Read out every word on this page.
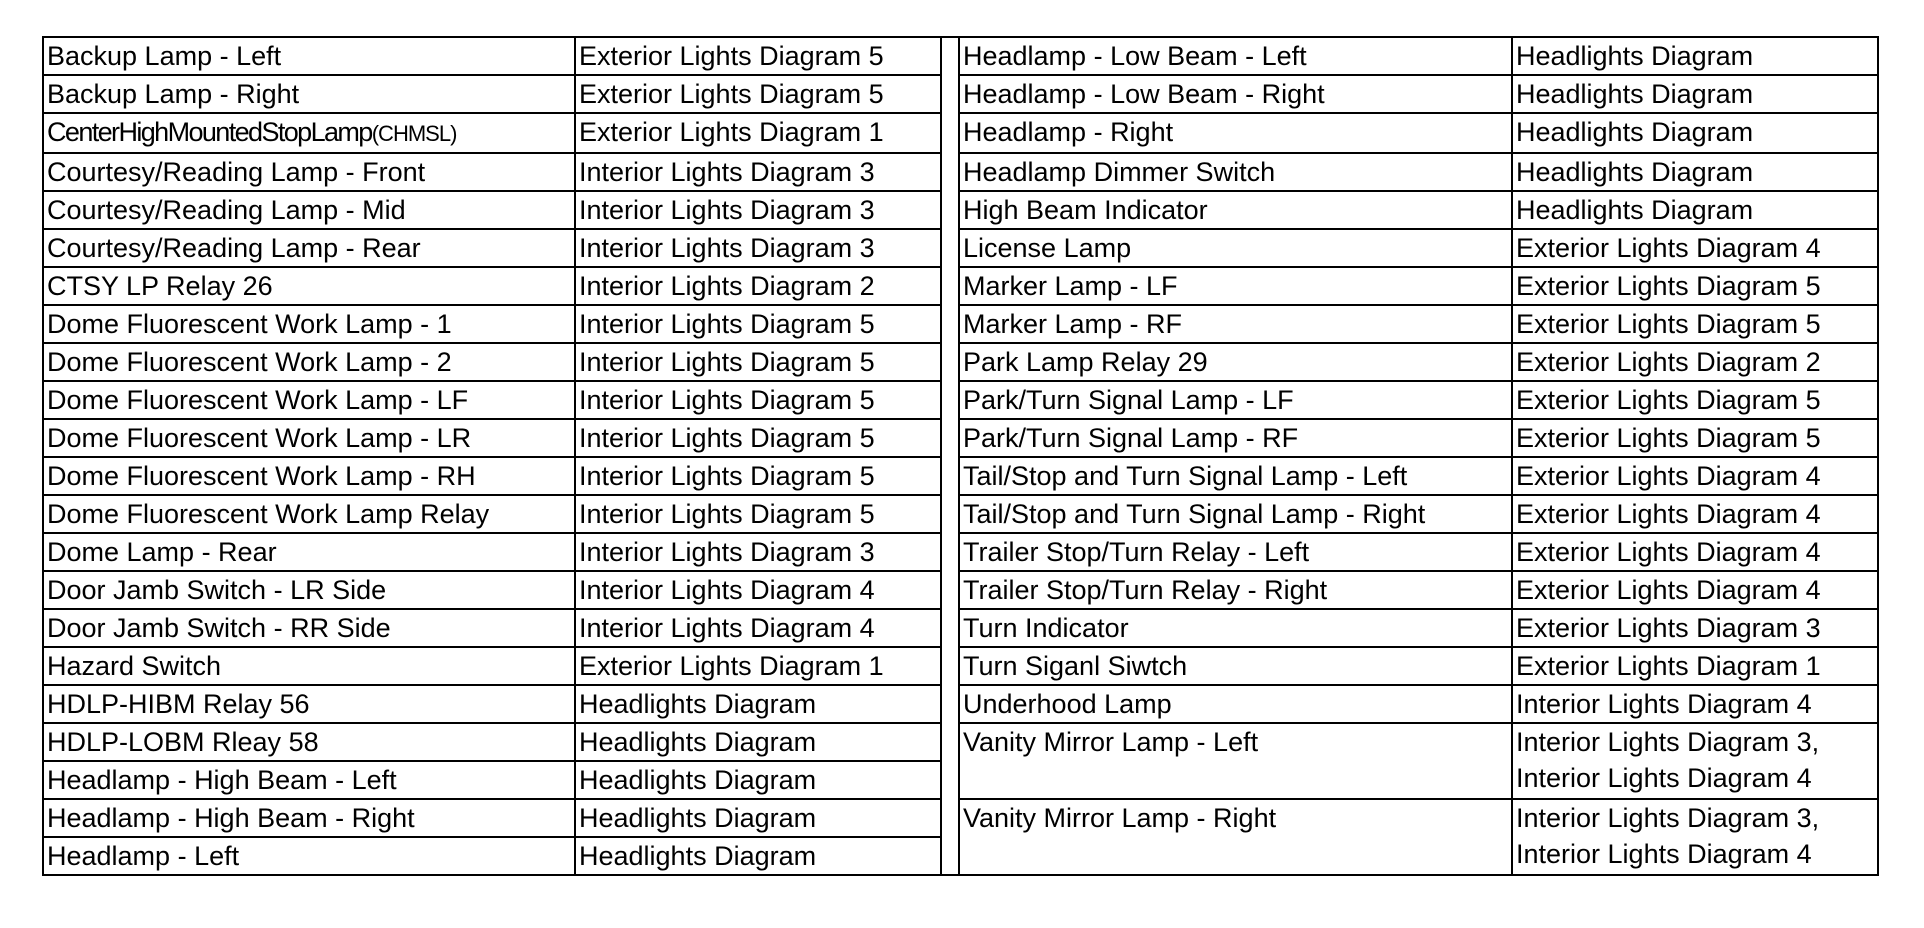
Backup Lamp - Left	Exterior Lights Diagram 5		Headlamp - Low Beam - Left	Headlights Diagram
Backup Lamp - Right	Exterior Lights Diagram 5		Headlamp - Low Beam - Right	Headlights Diagram
CenterHighMountedStopLamp(CHMSL)	Exterior Lights Diagram 1		Headlamp - Right	Headlights Diagram
Courtesy/Reading Lamp - Front	Interior Lights Diagram 3		Headlamp Dimmer Switch	Headlights Diagram
Courtesy/Reading Lamp - Mid	Interior Lights Diagram 3		High Beam Indicator	Headlights Diagram
Courtesy/Reading Lamp - Rear	Interior Lights Diagram 3		License Lamp	Exterior Lights Diagram 4
CTSY LP Relay 26	Interior Lights Diagram 2		Marker Lamp - LF	Exterior Lights Diagram 5
Dome Fluorescent Work Lamp - 1	Interior Lights Diagram 5		Marker Lamp - RF	Exterior Lights Diagram 5
Dome Fluorescent Work Lamp - 2	Interior Lights Diagram 5		Park Lamp Relay 29	Exterior Lights Diagram 2
Dome Fluorescent Work Lamp - LF	Interior Lights Diagram 5		Park/Turn Signal Lamp - LF	Exterior Lights Diagram 5
Dome Fluorescent Work Lamp - LR	Interior Lights Diagram 5		Park/Turn Signal Lamp - RF	Exterior Lights Diagram 5
Dome Fluorescent Work Lamp - RH	Interior Lights Diagram 5		Tail/Stop and Turn Signal Lamp - Left	Exterior Lights Diagram 4
Dome Fluorescent Work Lamp Relay	Interior Lights Diagram 5		Tail/Stop and Turn Signal Lamp - Right	Exterior Lights Diagram 4
Dome Lamp - Rear	Interior Lights Diagram 3		Trailer Stop/Turn Relay - Left	Exterior Lights Diagram 4
Door Jamb Switch - LR Side	Interior Lights Diagram 4		Trailer Stop/Turn Relay - Right	Exterior Lights Diagram 4
Door Jamb Switch - RR Side	Interior Lights Diagram 4		Turn Indicator	Exterior Lights Diagram 3
Hazard Switch	Exterior Lights Diagram 1		Turn Siganl Siwtch	Exterior Lights Diagram 1
HDLP-HIBM Relay 56	Headlights Diagram		Underhood Lamp	Interior Lights Diagram 4
HDLP-LOBM Rleay 58	Headlights Diagram		Vanity Mirror Lamp - Left	Interior Lights Diagram 3,
Interior Lights Diagram 4
Headlamp - High Beam - Left	Headlights Diagram			
Headlamp - High Beam - Right	Headlights Diagram		Vanity Mirror Lamp - Right	Interior Lights Diagram 3,
Interior Lights Diagram 4
Headlamp - Left	Headlights Diagram			
